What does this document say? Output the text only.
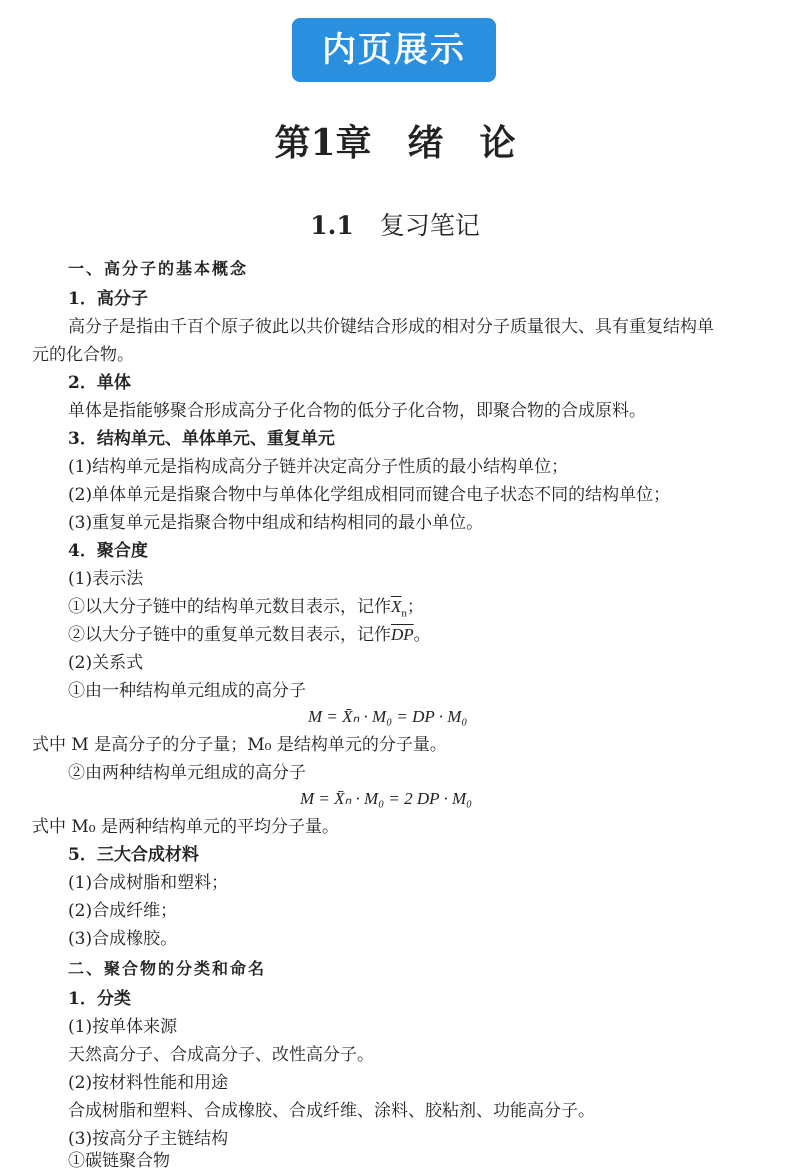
内页展示
第1章　绪　论
1.1 复习笔记
一、高分子的基本概念
1．高分子
高分子是指由千百个原子彼此以共价键结合形成的相对分子质量很大、具有重复结构单
元的化合物。
2．单体
单体是指能够聚合形成高分子化合物的低分子化合物，即聚合物的合成原料。
3．结构单元、单体单元、重复单元
(1)结构单元是指构成高分子链并决定高分子性质的最小结构单位；
(2)单体单元是指聚合物中与单体化学组成相同而键合电子状态不同的结构单位；
(3)重复单元是指聚合物中组成和结构相同的最小单位。
4．聚合度
(1)表示法
①以大分子链中的结构单元数目表示，记作$\overline{X}_n$；
②以大分子链中的重复单元数目表示，记作$\overline{DP}$。
(2)关系式
①由一种结构单元组成的高分子
M = X̄ₙ · M₀ = DP · M₀
式中 M 是高分子的分子量；M₀ 是结构单元的分子量。
②由两种结构单元组成的高分子
M = X̄ₙ · M₀ = 2 DP · M₀
式中 M₀ 是两种结构单元的平均分子量。
5．三大合成材料
(1)合成树脂和塑料；
(2)合成纤维；
(3)合成橡胶。
二、聚合物的分类和命名
1．分类
(1)按单体来源
天然高分子、合成高分子、改性高分子。
(2)按材料性能和用途
合成树脂和塑料、合成橡胶、合成纤维、涂料、胶粘剂、功能高分子。
(3)按高分子主链结构
①碳链聚合物
